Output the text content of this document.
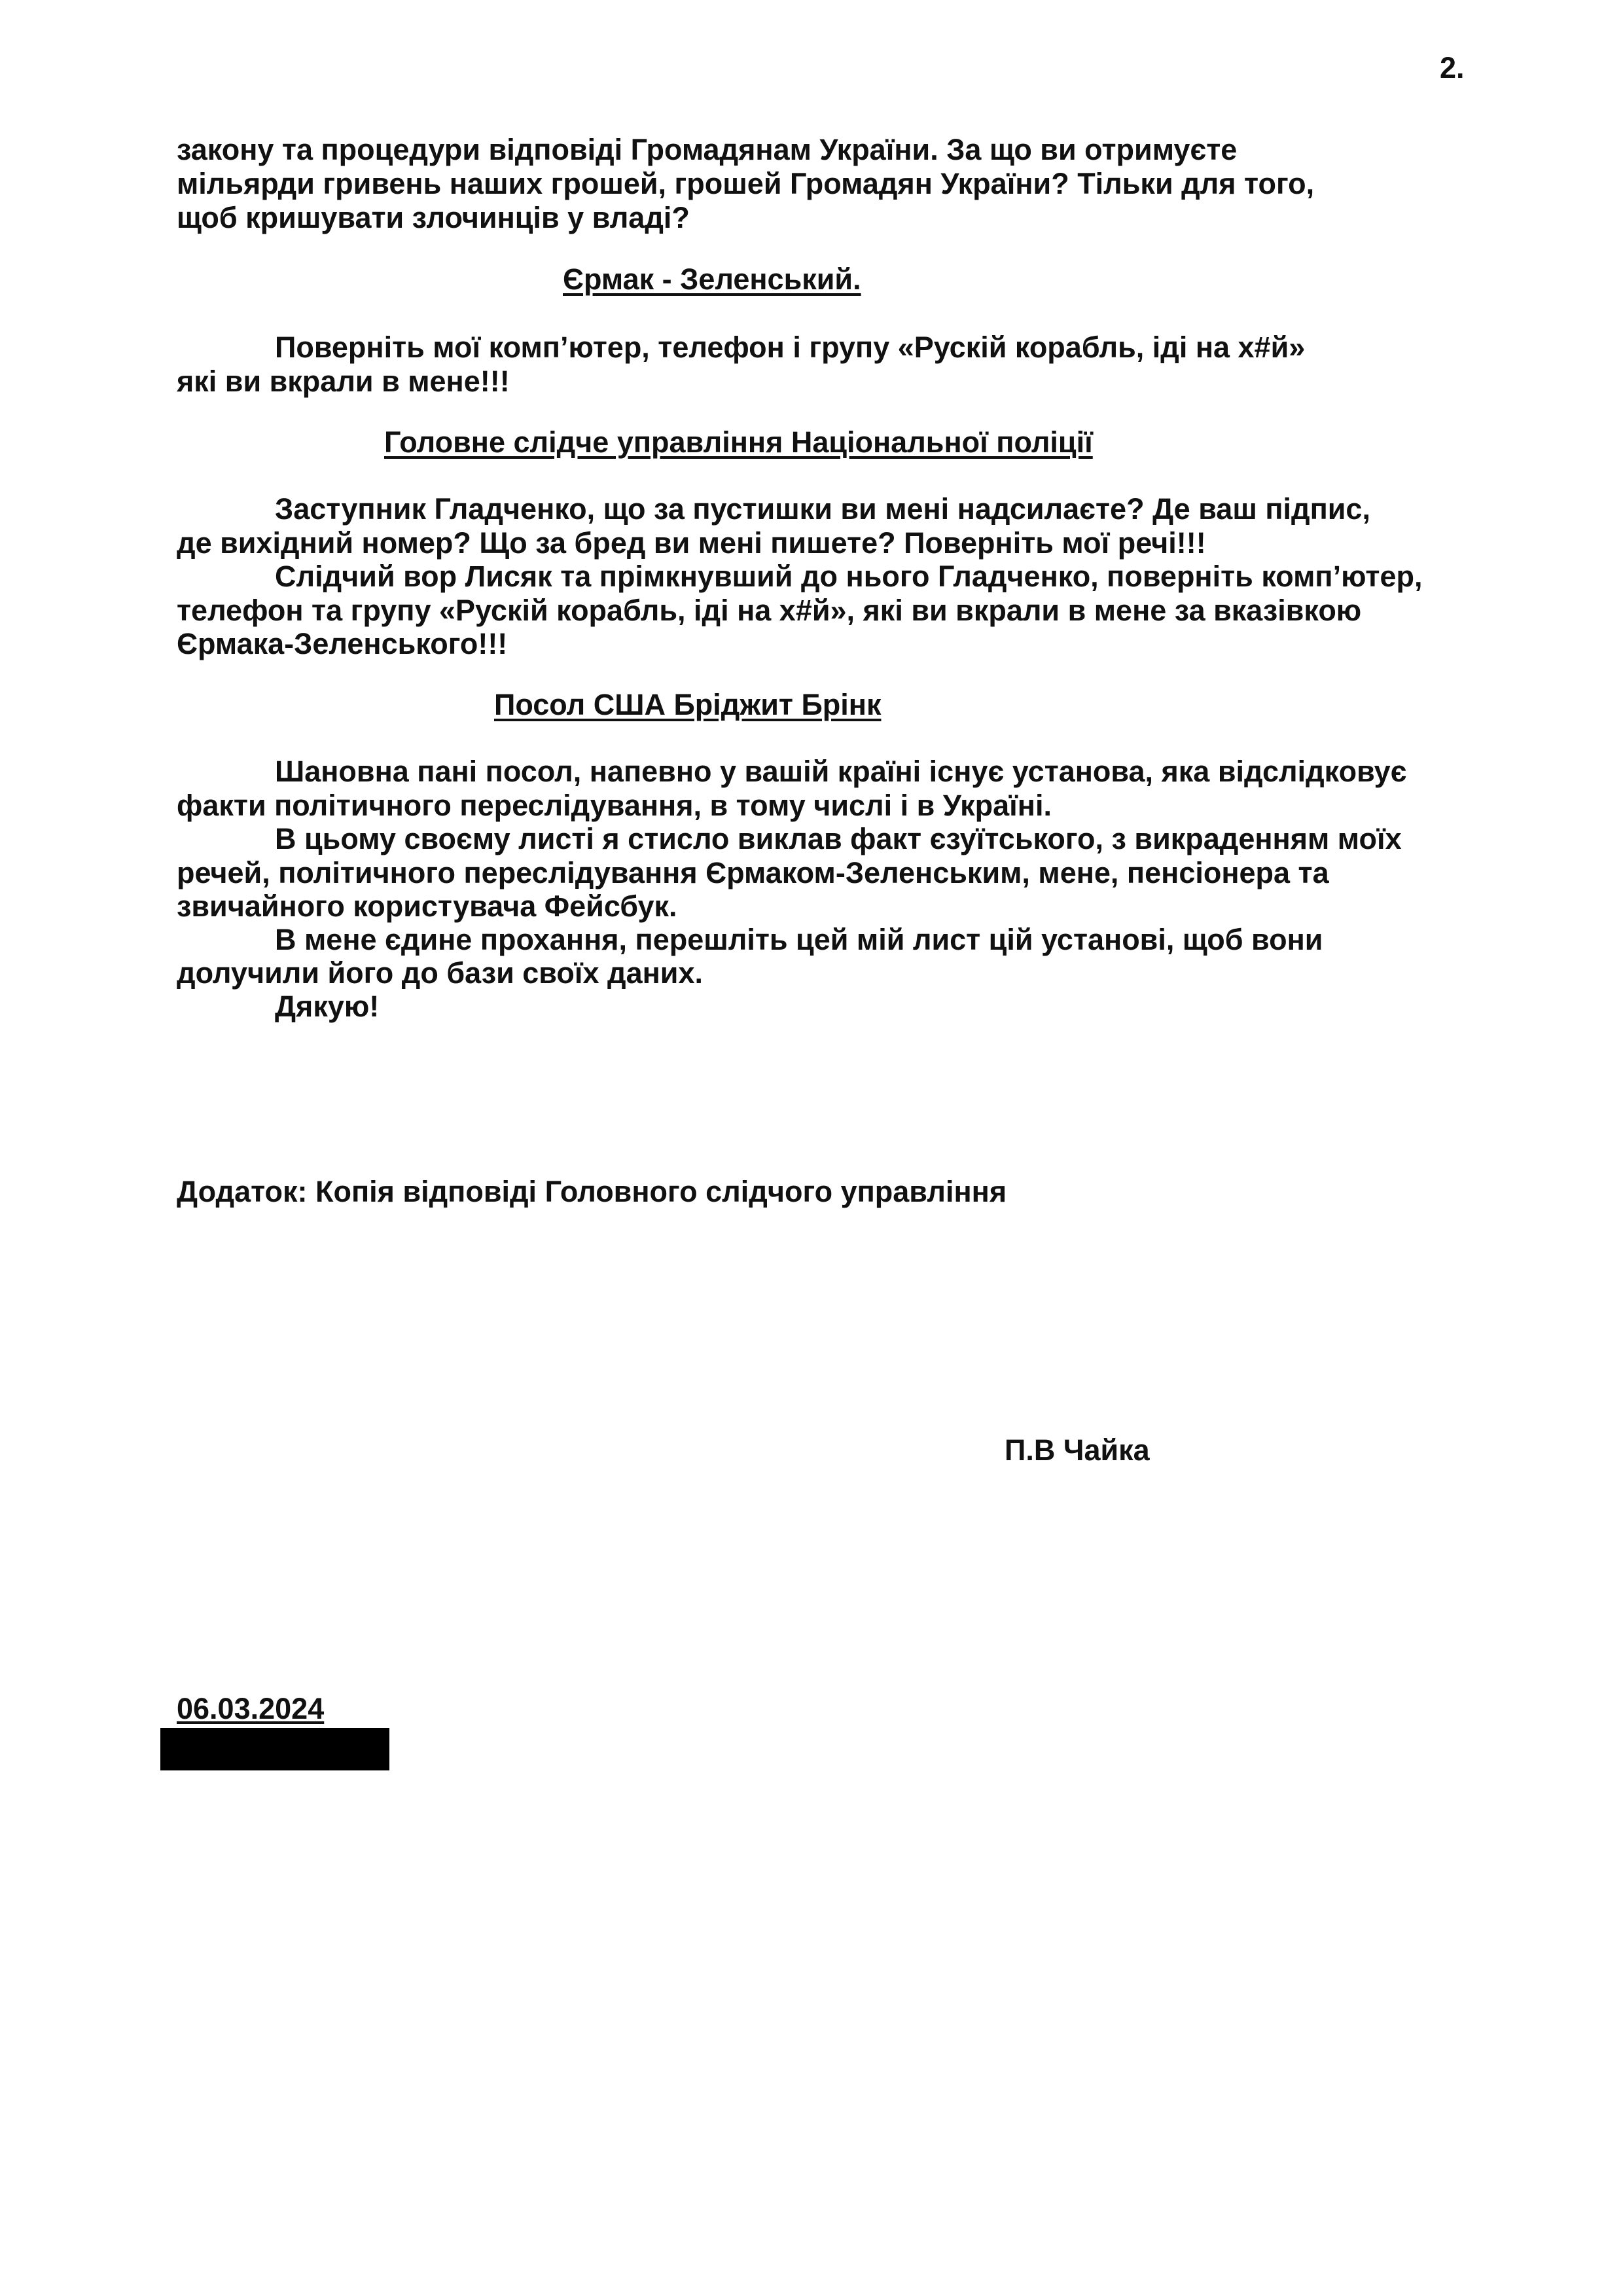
2.
закону та процедури відповіді Громадянам України. За що ви отримуєте
мільярди гривень наших грошей, грошей Громадян України? Тільки для того,
щоб кришувати злочинців у владі?
Єрмак - Зеленський.
Поверніть мої комп’ютер, телефон і групу «Рускій корабль, іді на х#й»
які ви вкрали в мене!!!
Головне слідче управління Національної поліції
Заступник Гладченко, що за пустишки ви мені надсилаєте? Де ваш підпис,
де вихідний номер? Що за бред ви мені пишете? Поверніть мої речі!!!
Слідчий вор Лисяк та прімкнувший до нього Гладченко, поверніть комп’ютер,
телефон та групу «Рускій корабль, іді на х#й», які ви вкрали в мене за вказівкою
Єрмака-Зеленського!!!
Посол США Бріджит Брінк
Шановна пані посол, напевно у вашій країні існує установа, яка відслідковує
факти політичного переслідування, в тому числі і в Україні.
В цьому своєму листі я стисло виклав факт єзуїтського, з викраденням моїх
речей, політичного переслідування Єрмаком-Зеленським, мене, пенсіонера та
звичайного користувача Фейсбук.
В мене єдине прохання, перешліть цей мій лист цій установі, щоб вони
долучили його до бази своїх даних.
Дякую!
Додаток: Копія відповіді Головного слідчого управління
П.В Чайка
06.03.2024
